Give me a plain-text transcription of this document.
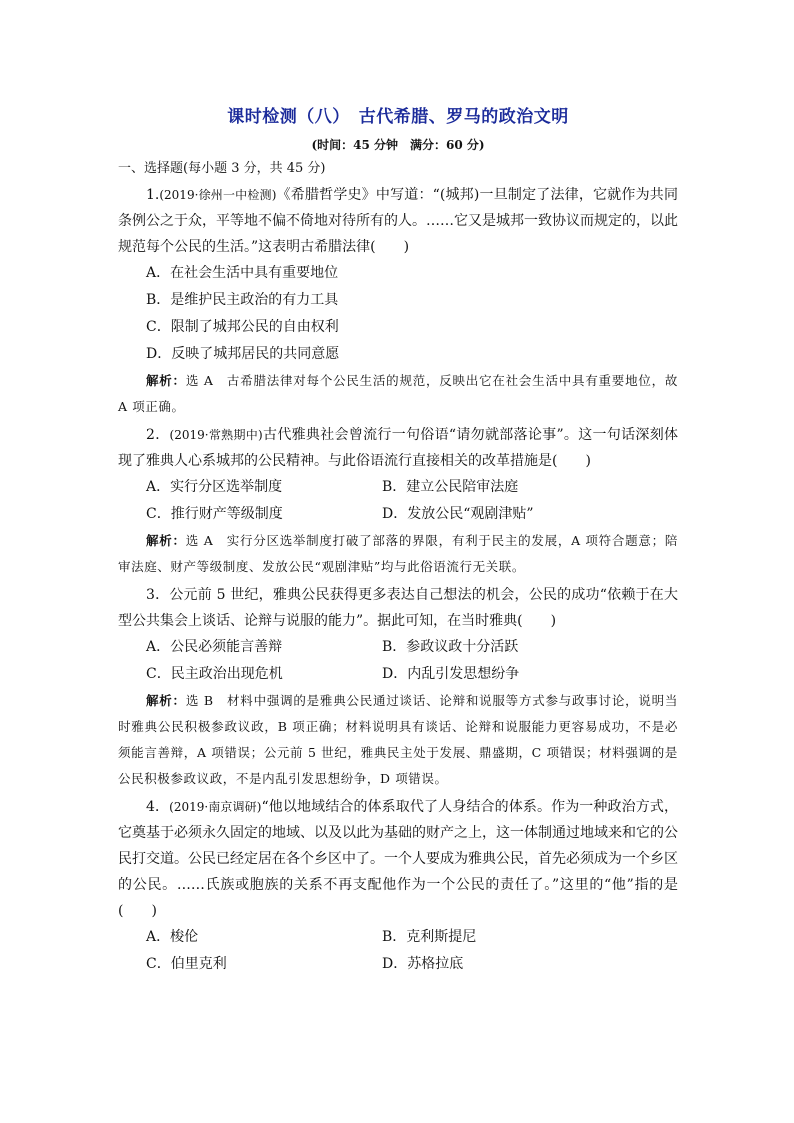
课时检测（八）　古代希腊、罗马的政治文明
(时间：45 分钟　满分：60 分)
一、选择题(每小题 3 分，共 45 分)

1.(2019·徐州一中检测)《希腊哲学史》中写道：“(城邦)一旦制定了法律，它就作为共同条例公之于众，平等地不偏不倚地对待所有的人。……它又是城邦一致协议而规定的，以此规范每个公民的生活。”这表明古希腊法律(　　)

A．在社会生活中具有重要地位
B．是维护民主政治的有力工具
C．限制了城邦公民的自由权利
D．反映了城邦居民的共同意愿

解析：选 A　古希腊法律对每个公民生活的规范，反映出它在社会生活中具有重要地位，故 A 项正确。

2．(2019·常熟期中)古代雅典社会曾流行一句俗语“请勿就部落论事”。这一句话深刻体现了雅典人心系城邦的公民精神。与此俗语流行直接相关的改革措施是(　　)

A．实行分区选举制度	B．建立公民陪审法庭
C．推行财产等级制度	D．发放公民“观剧津贴”

解析：选 A　实行分区选举制度打破了部落的界限，有利于民主的发展，A 项符合题意；陪审法庭、财产等级制度、发放公民“观剧津贴”均与此俗语流行无关联。

3．公元前 5 世纪，雅典公民获得更多表达自己想法的机会，公民的成功“依赖于在大型公共集会上谈话、论辩与说服的能力”。据此可知，在当时雅典(　　)

A．公民必须能言善辩	B．参政议政十分活跃
C．民主政治出现危机	D．内乱引发思想纷争

解析：选 B　材料中强调的是雅典公民通过谈话、论辩和说服等方式参与政事讨论，说明当时雅典公民积极参政议政，B 项正确；材料说明具有谈话、论辩和说服能力更容易成功，不是必须能言善辩，A 项错误；公元前 5 世纪，雅典民主处于发展、鼎盛期，C 项错误；材料强调的是公民积极参政议政，不是内乱引发思想纷争，D 项错误。

4．(2019·南京调研)“他以地域结合的体系取代了人身结合的体系。作为一种政治方式，它奠基于必须永久固定的地域、以及以此为基础的财产之上，这一体制通过地域来和它的公民打交道。公民已经定居在各个乡区中了。一个人要成为雅典公民，首先必须成为一个乡区的公民。……氏族或胞族的关系不再支配他作为一个公民的责任了。”这里的“他”指的是(　　)

A．梭伦	B．克利斯提尼
C．伯里克利	D．苏格拉底
